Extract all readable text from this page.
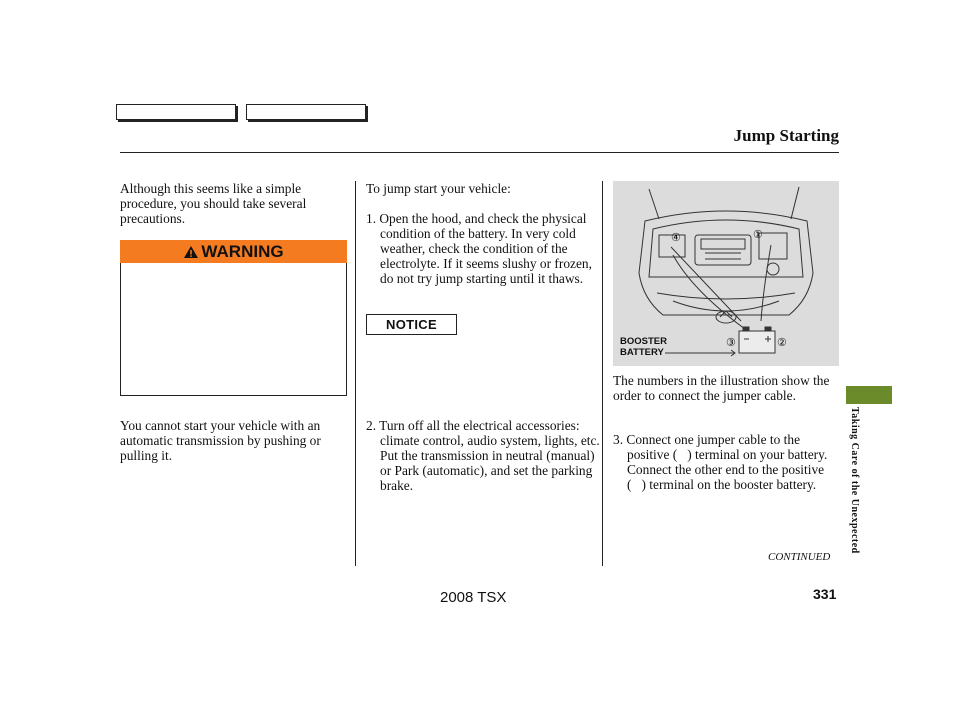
Jump Starting
Although this seems like a simple procedure, you should take several precautions.
WARNING
You cannot start your vehicle with an automatic transmission by pushing or pulling it.
To jump start your vehicle:
1. Open the hood, and check the physical condition of the battery. In very cold weather, check the condition of the electrolyte. If it seems slushy or frozen, do not try jump starting until it thaws.
NOTICE
2. Turn off all the electrical accessories: climate control, audio system, lights, etc. Put the transmission in neutral (manual) or Park (automatic), and set the parking brake.
BOOSTER
BATTERY
③	②
①
④
The numbers in the illustration show the order to connect the jumper cable.
3. Connect one jumper cable to the positive (   ) terminal on your battery. Connect the other end to the positive (   ) terminal on the booster battery.
CONTINUED
Taking Care of the Unexpected
2008 TSX	331
